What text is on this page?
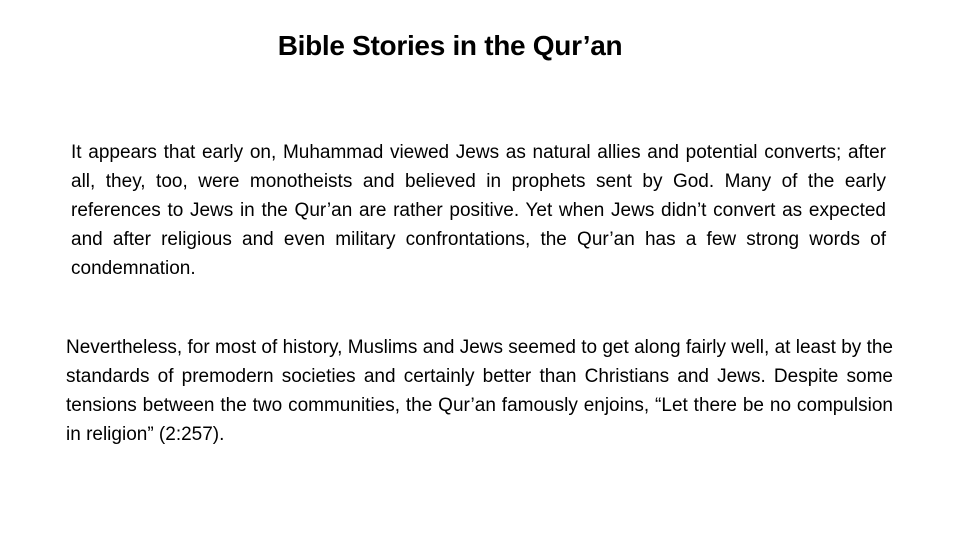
Bible Stories in the Qur’an

It appears that early on, Muhammad viewed Jews as natural allies and potential converts; after all, they, too, were monotheists and believed in prophets sent by God. Many of the early references to Jews in the Qur’an are rather positive. Yet when Jews didn’t convert as expected and after religious and even military confrontations, the Qur’an has a few strong words of condemnation.

Nevertheless, for most of history, Muslims and Jews seemed to get along fairly well, at least by the standards of premodern societies and certainly better than Christians and Jews. Despite some tensions between the two communities, the Qur’an famously enjoins, “Let there be no compulsion in religion” (2:257).
